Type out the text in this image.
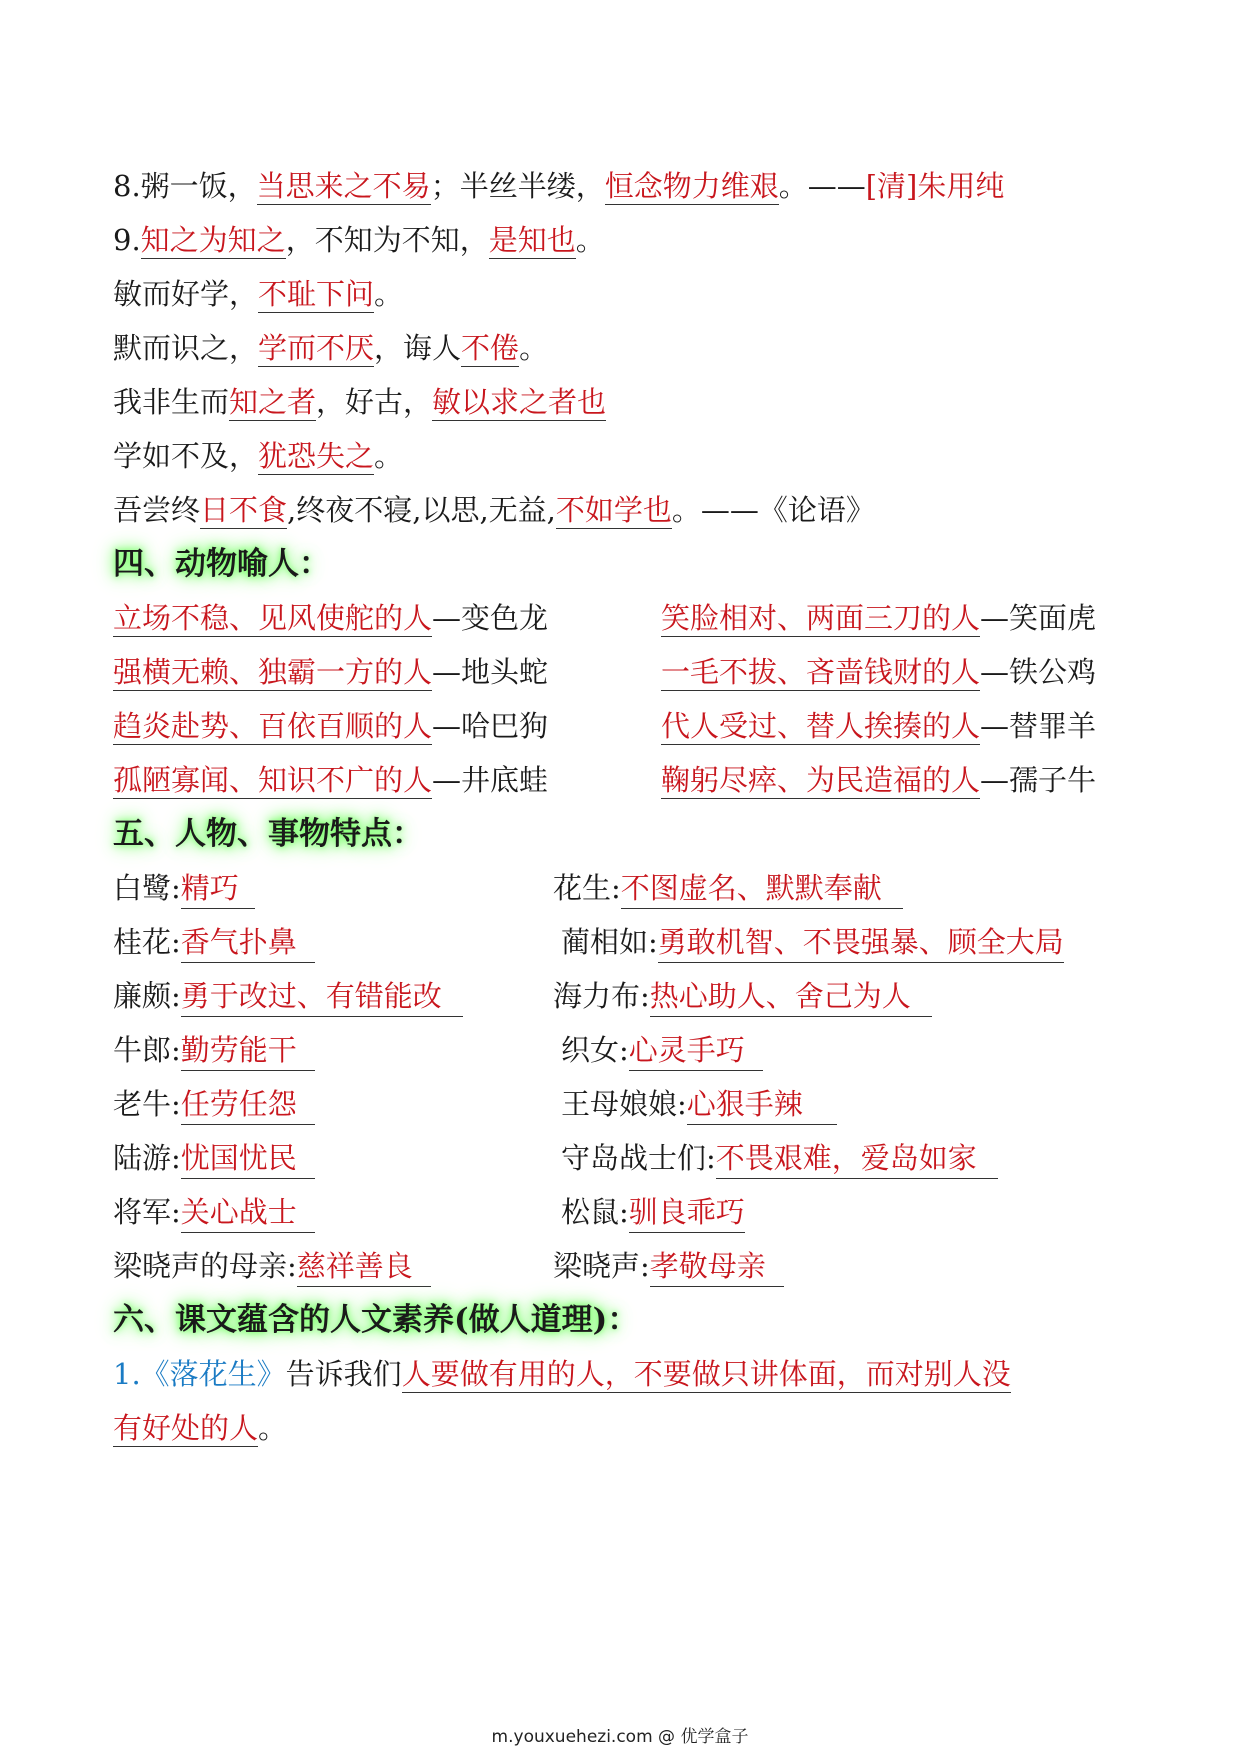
8.粥一饭，当思来之不易；半丝半缕，恒念物力维艰。——[清]朱用纯
9.知之为知之，不知为不知，是知也。
敏而好学，不耻下问。
默而识之，学而不厌，诲人不倦。
我非生而知之者，好古，敏以求之者也
学如不及，犹恐失之。
吾尝终日不食,终夜不寝,以思,无益,不如学也。——《论语》
四、动物喻人：
立场不稳、见风使舵的人—变色龙	笑脸相对、两面三刀的人—笑面虎
强横无赖、独霸一方的人—地头蛇	一毛不拔、吝啬钱财的人—铁公鸡
趋炎赴势、百依百顺的人—哈巴狗	代人受过、替人挨揍的人—替罪羊
孤陋寡闻、知识不广的人—井底蛙	鞠躬尽瘁、为民造福的人—孺子牛
五、人物、事物特点：
白鹭:精巧	花生:不图虚名、默默奉献
桂花:香气扑鼻	蔺相如:勇敢机智、不畏强暴、顾全大局
廉颇:勇于改过、有错能改	海力布:热心助人、舍己为人
牛郎:勤劳能干	织女:心灵手巧
老牛:任劳任怨	王母娘娘:心狠手辣
陆游:忧国忧民	守岛战士们:不畏艰难，爱岛如家
将军:关心战士	松鼠:驯良乖巧
梁晓声的母亲:慈祥善良	梁晓声:孝敬母亲
六、课文蕴含的人文素养(做人道理)：
1.《落花生》告诉我们人要做有用的人，不要做只讲体面，而对别人没
有好处的人。
m.youxuehezi.com @ 优学盒子
